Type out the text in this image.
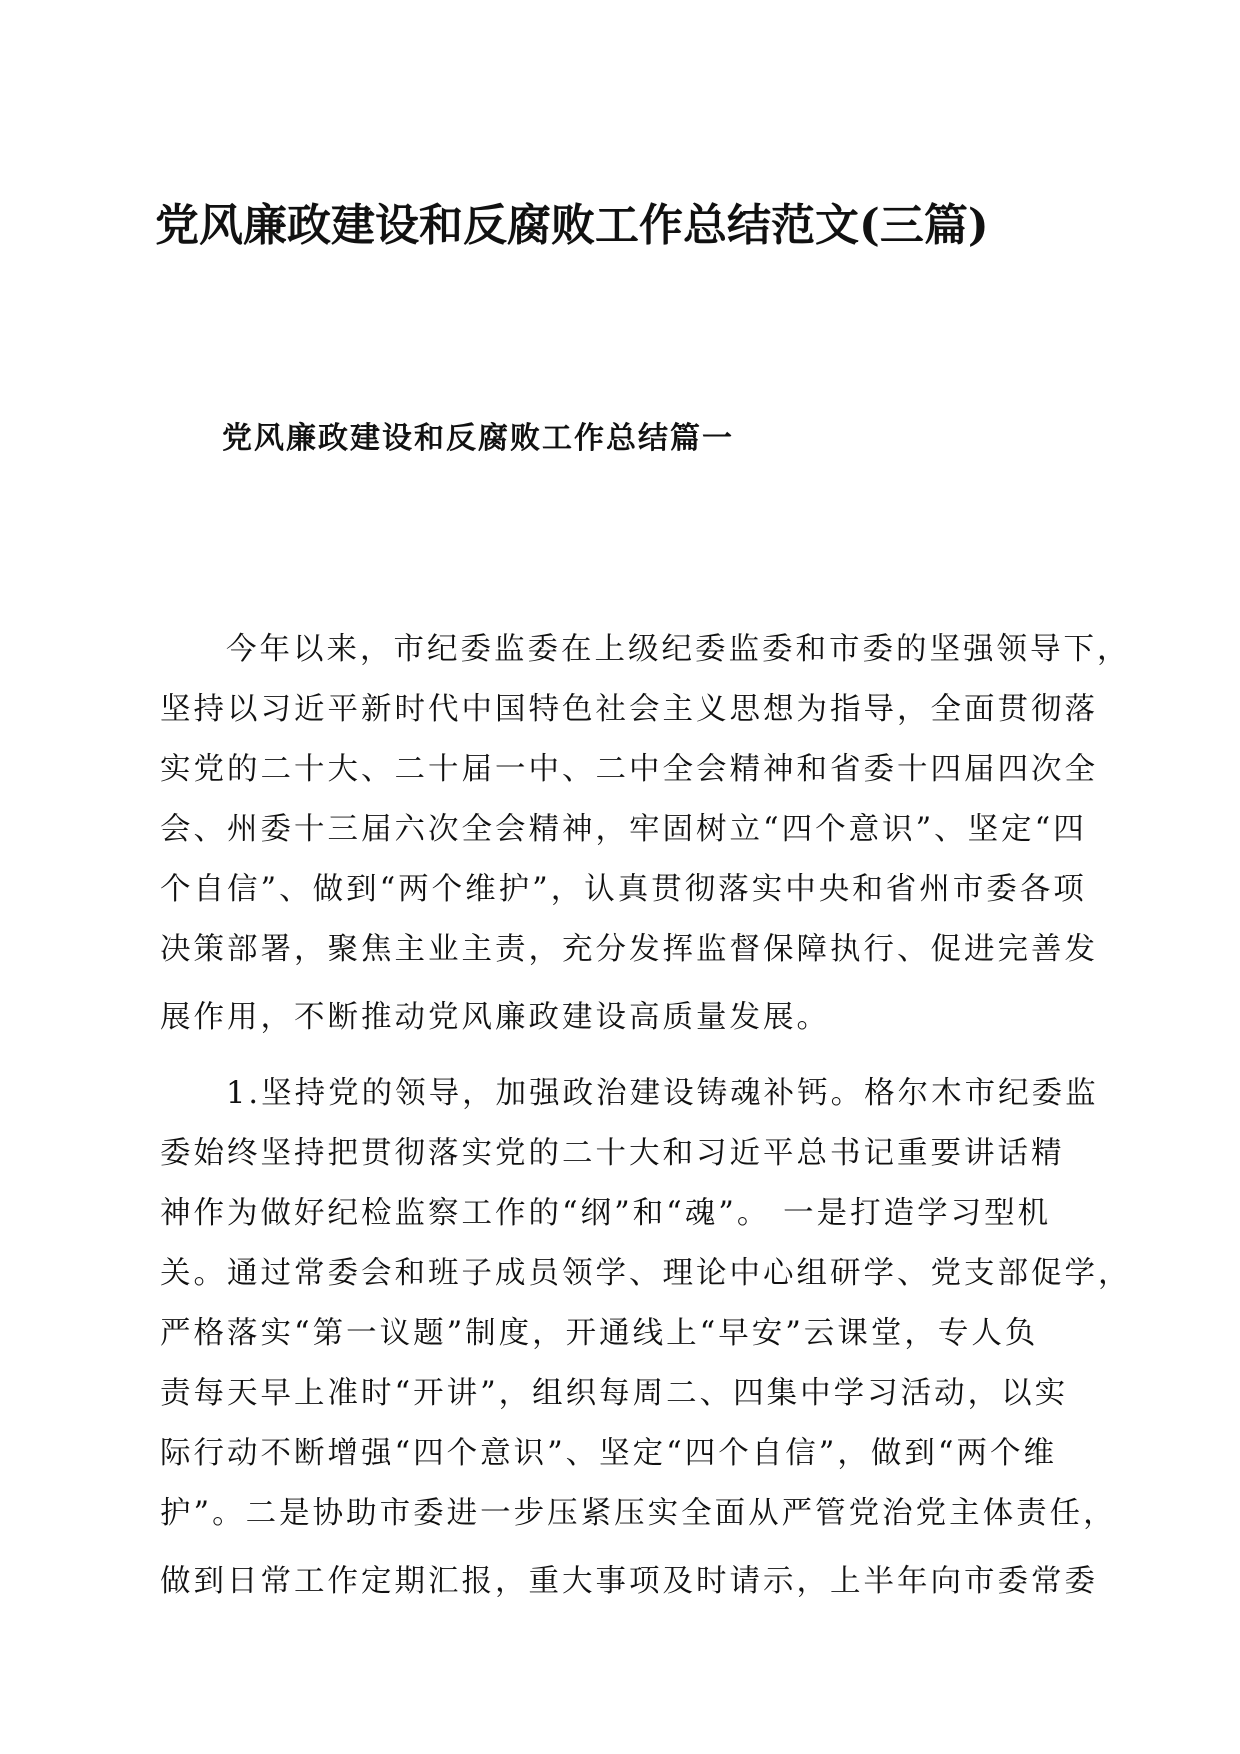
党风廉政建设和反腐败工作总结范文(三篇)
党风廉政建设和反腐败工作总结篇一
今年以来，市纪委监委在上级纪委监委和市委的坚强领导下，
坚持以习近平新时代中国特色社会主义思想为指导，全面贯彻落
实党的二十大、二十届一中、二中全会精神和省委十四届四次全
会、州委十三届六次全会精神，牢固树立“四个意识”、坚定“四
个自信”、做到“两个维护”，认真贯彻落实中央和省州市委各项
决策部署，聚焦主业主责，充分发挥监督保障执行、促进完善发
展作用，不断推动党风廉政建设高质量发展。
1.坚持党的领导，加强政治建设铸魂补钙。格尔木市纪委监
委始终坚持把贯彻落实党的二十大和习近平总书记重要讲话精
神作为做好纪检监察工作的“纲”和“魂”。 一是打造学习型机
关。通过常委会和班子成员领学、理论中心组研学、党支部促学，
严格落实“第一议题”制度，开通线上“早安”云课堂，专人负
责每天早上准时“开讲”，组织每周二、四集中学习活动，以实
际行动不断增强“四个意识”、坚定“四个自信”，做到“两个维
护”。二是协助市委进一步压紧压实全面从严管党治党主体责任，
做到日常工作定期汇报，重大事项及时请示，上半年向市委常委
